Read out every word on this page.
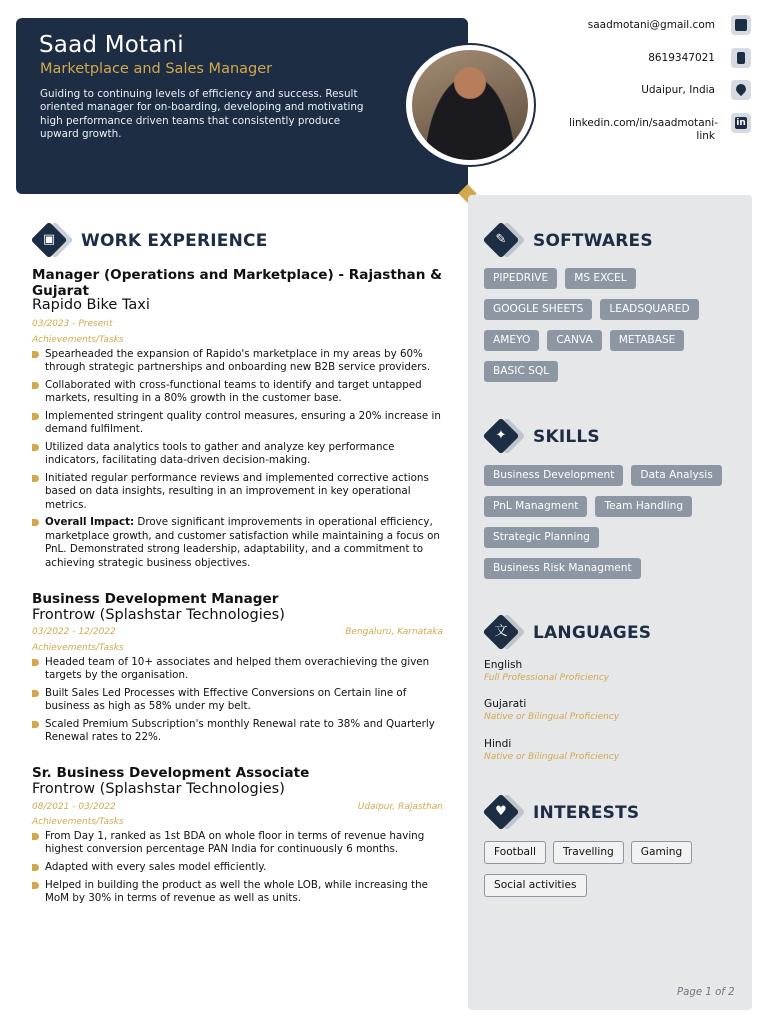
Saad Motani
Marketplace and Sales Manager
Guiding to continuing levels of efficiency and success. Result oriented manager for on-boarding, developing and motivating high performance driven teams that consistently produce upward growth.
saadmotani@gmail.com
8619347021
Udaipur, India
linkedin.com/in/saadmotani-
link
in
▣	WORK EXPERIENCE
Manager (Operations and Marketplace) - Rajasthan & Gujarat
Rapido Bike Taxi
03/2023 - Present
Achievements/Tasks
Spearheaded the expansion of Rapido's marketplace in my areas by 60% through strategic partnerships and onboarding new B2B service providers.
Collaborated with cross-functional teams to identify and target untapped markets, resulting in a 80% growth in the customer base.
Implemented stringent quality control measures, ensuring a 20% increase in demand fulfilment.
Utilized data analytics tools to gather and analyze key performance indicators, facilitating data-driven decision-making.
Initiated regular performance reviews and implemented corrective actions based on data insights, resulting in an improvement in key operational metrics.
Overall Impact: Drove significant improvements in operational efficiency, marketplace growth, and customer satisfaction while maintaining a focus on PnL. Demonstrated strong leadership, adaptability, and a commitment to achieving strategic business objectives.
Business Development Manager
Frontrow (Splashstar Technologies)
03/2022 - 12/2022	Bengaluru, Karnataka
Achievements/Tasks
Headed team of 10+ associates and helped them overachieving the given targets by the organisation.
Built Sales Led Processes with Effective Conversions on Certain line of business as high as 58% under my belt.
Scaled Premium Subscription's monthly Renewal rate to 38% and Quarterly Renewal rates to 22%.
Sr. Business Development Associate
Frontrow (Splashstar Technologies)
08/2021 - 03/2022	Udaipur, Rajasthan
Achievements/Tasks
From Day 1, ranked as 1st BDA on whole floor in terms of revenue having highest conversion percentage PAN India for continuously 6 months.
Adapted with every sales model efficiently.
Helped in building the product as well the whole LOB, while increasing the MoM by 30% in terms of revenue as well as units.
✎	SOFTWARES
PIPEDRIVE	MS EXCEL
GOOGLE SHEETS	LEADSQUARED
AMEYO	CANVA	METABASE
BASIC SQL
✦	SKILLS
Business Development	Data Analysis
PnL Managment	Team Handling
Strategic Planning
Business Risk Managment
文	LANGUAGES
English
Full Professional Proficiency
Gujarati
Native or Bilingual Proficiency
Hindi
Native or Bilingual Proficiency
♥	INTERESTS
Football	Travelling	Gaming
Social activities
Page 1 of 2
